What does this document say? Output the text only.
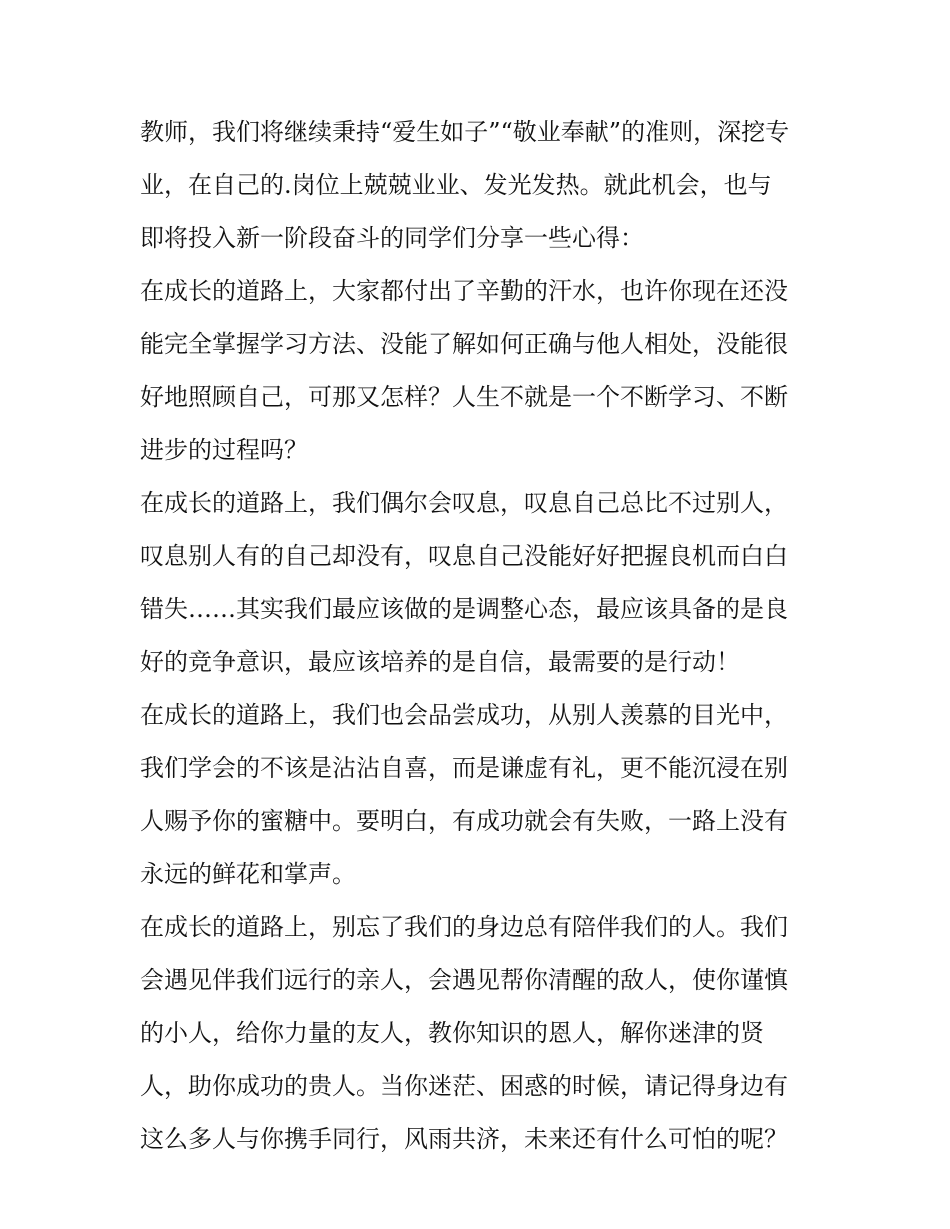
教师，我们将继续秉持“爱生如子”“敬业奉献”的准则，深挖专
业，在自己的.岗位上兢兢业业、发光发热。就此机会，也与
即将投入新一阶段奋斗的同学们分享一些心得：
在成长的道路上，大家都付出了辛勤的汗水，也许你现在还没
能完全掌握学习方法、没能了解如何正确与他人相处，没能很
好地照顾自己，可那又怎样？人生不就是一个不断学习、不断
进步的过程吗？
在成长的道路上，我们偶尔会叹息，叹息自己总比不过别人，
叹息别人有的自己却没有，叹息自己没能好好把握良机而白白
错失……其实我们最应该做的是调整心态，最应该具备的是良
好的竞争意识，最应该培养的是自信，最需要的是行动！
在成长的道路上，我们也会品尝成功，从别人羡慕的目光中，
我们学会的不该是沾沾自喜，而是谦虚有礼，更不能沉浸在别
人赐予你的蜜糖中。要明白，有成功就会有失败，一路上没有
永远的鲜花和掌声。
在成长的道路上，别忘了我们的身边总有陪伴我们的人。我们
会遇见伴我们远行的亲人，会遇见帮你清醒的敌人，使你谨慎
的小人，给你力量的友人，教你知识的恩人，解你迷津的贤
人，助你成功的贵人。当你迷茫、困惑的时候，请记得身边有
这么多人与你携手同行，风雨共济，未来还有什么可怕的呢？
